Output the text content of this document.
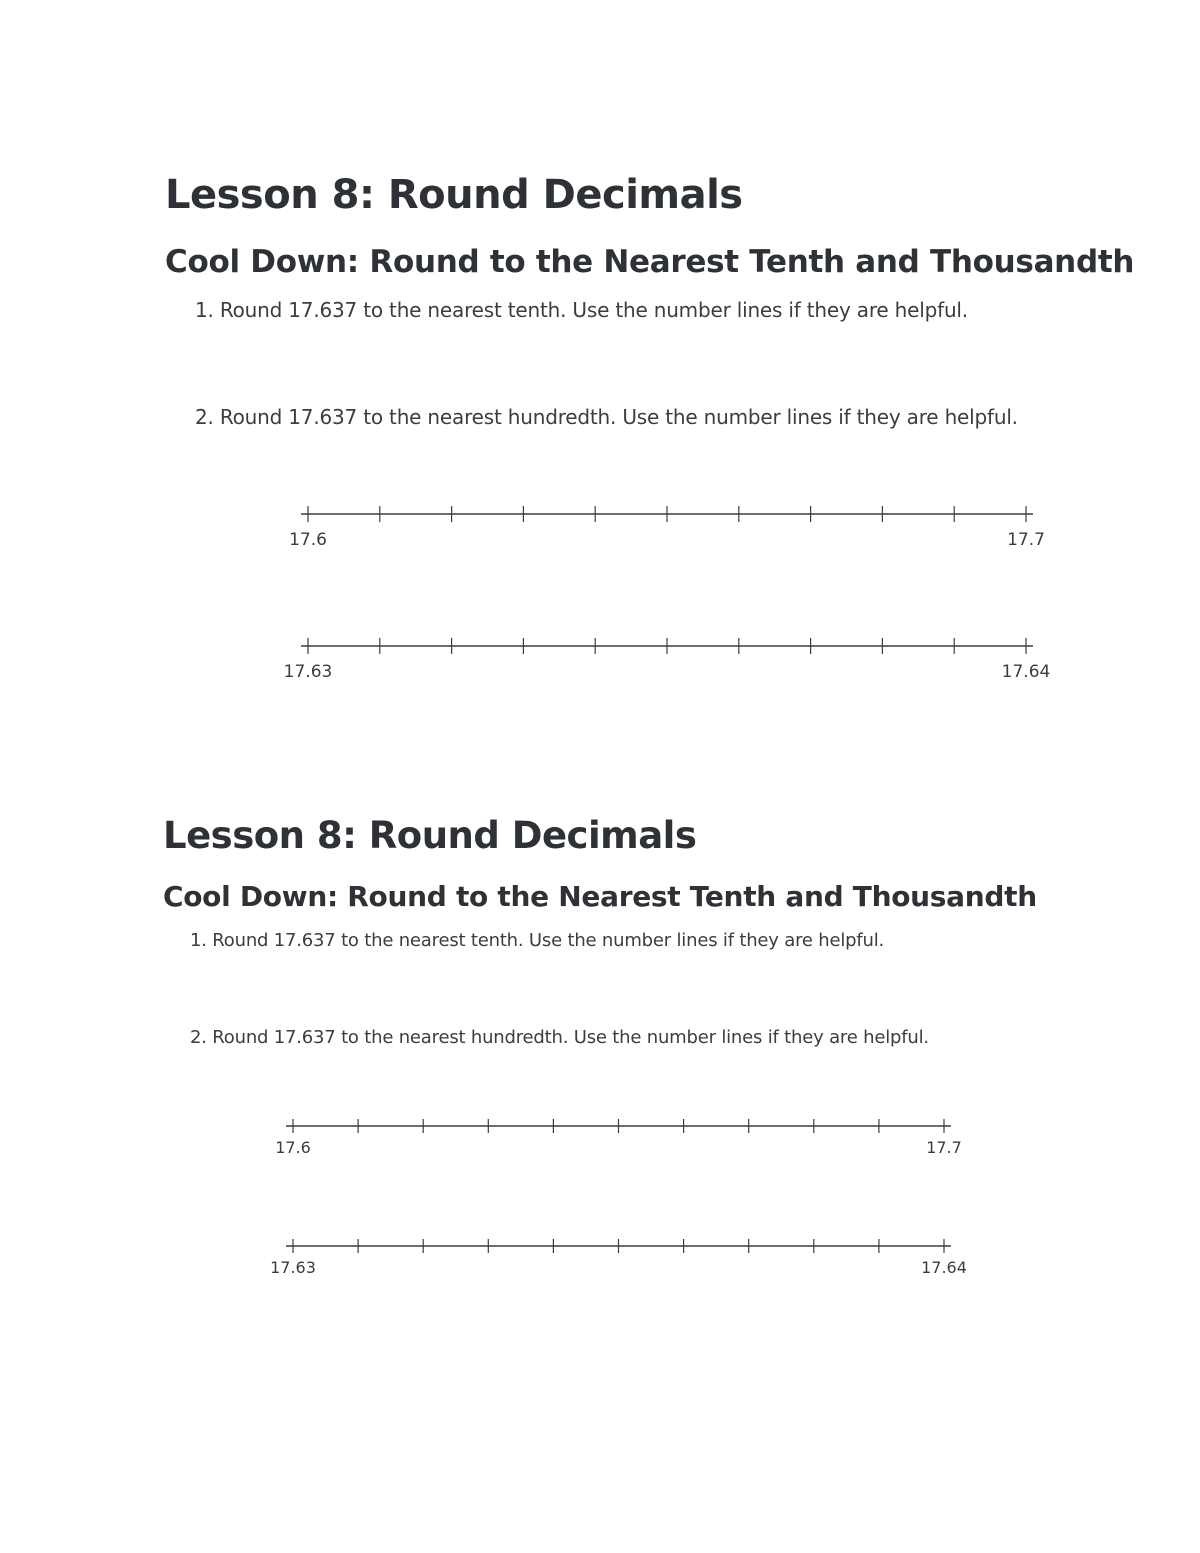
Lesson 8: Round Decimals
Cool Down: Round to the Nearest Tenth and Thousandth

1. Round 17.637 to the nearest tenth. Use the number lines if they are helpful.

2. Round 17.637 to the nearest hundredth. Use the number lines if they are helpful.

17.6	17.7
17.63	17.64
Lesson 8: Round Decimals
Cool Down: Round to the Nearest Tenth and Thousandth

1. Round 17.637 to the nearest tenth. Use the number lines if they are helpful.

2. Round 17.637 to the nearest hundredth. Use the number lines if they are helpful.

17.6	17.7
17.63	17.64
